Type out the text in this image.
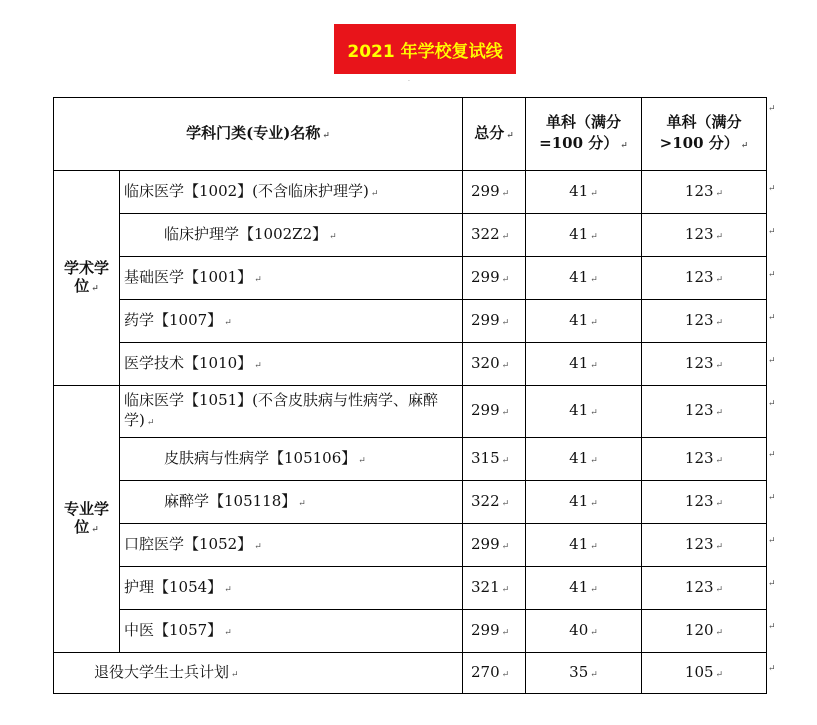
2021 年学校复试线
.
学科门类(专业)名称 ↵		总分 ↵	单科（满分=100 分） ↵	单科（满分>100 分） ↵
学术学位 ↵	临床医学【1002】(不含临床护理学) ↵	299 ↵	41 ↵	123 ↵
	临床护理学【1002Z2】 ↵	322 ↵	41 ↵	123 ↵
	基础医学【1001】 ↵	299 ↵	41 ↵	123 ↵
	药学【1007】 ↵	299 ↵	41 ↵	123 ↵
	医学技术【1010】 ↵	320 ↵	41 ↵	123 ↵
专业学位 ↵	临床医学【1051】(不含皮肤病与性病学、麻醉学) ↵	299 ↵	41 ↵	123 ↵
	皮肤病与性病学【105106】 ↵	315 ↵	41 ↵	123 ↵
	麻醉学【105118】 ↵	322 ↵	41 ↵	123 ↵
	口腔医学【1052】 ↵	299 ↵	41 ↵	123 ↵
	护理【1054】 ↵	321 ↵	41 ↵	123 ↵
	中医【1057】 ↵	299 ↵	40 ↵	120 ↵
退役大学生士兵计划 ↵		270 ↵	35 ↵	105 ↵
↵
↵
↵
↵
↵
↵
↵
↵
↵
↵
↵
↵
↵
